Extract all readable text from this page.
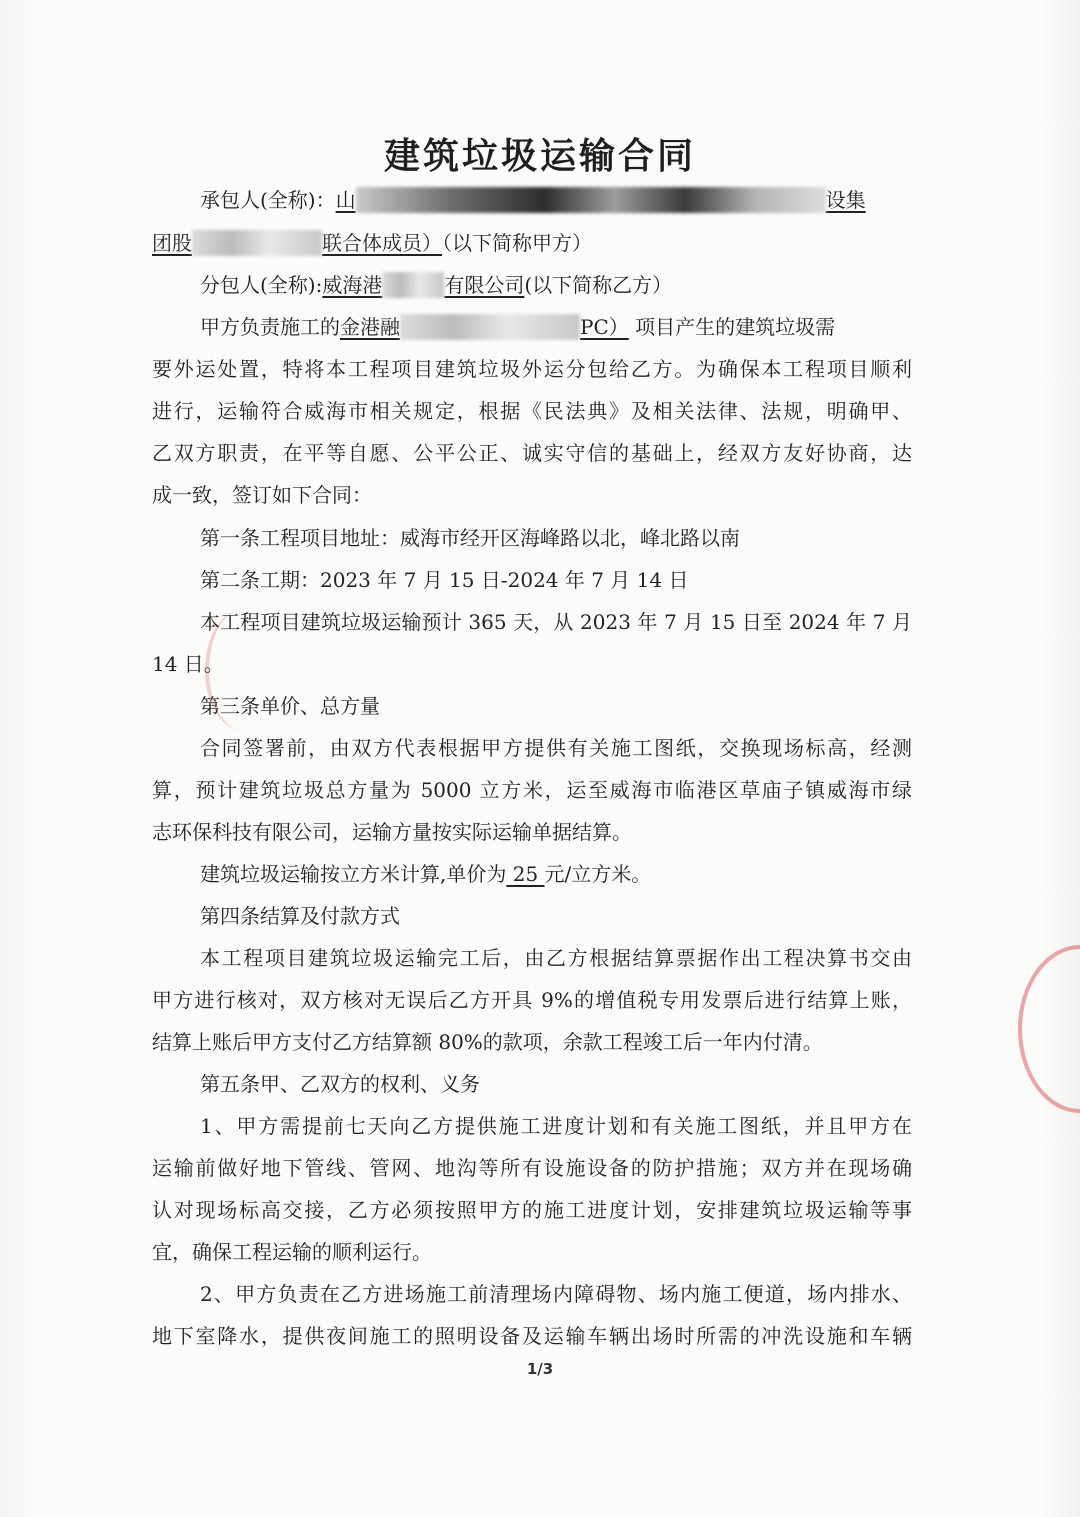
建筑垃圾运输合同
承包人(全称)：山	设集
团股	联合体成员）（以下简称甲方）
分包人(全称):威海港	有限公司(以下简称乙方）
甲方负责施工的金港融	PC） 项目产生的建筑垃圾需
要外运处置，特将本工程项目建筑垃圾外运分包给乙方。为确保本工程项目顺利
进行，运输符合威海市相关规定，根据《民法典》及相关法律、法规，明确甲、
乙双方职责，在平等自愿、公平公正、诚实守信的基础上，经双方友好协商，达
成一致，签订如下合同：
第一条工程项目地址：威海市经开区海峰路以北，峰北路以南
第二条工期：2023 年 7 月 15 日-2024 年 7 月 14 日
本工程项目建筑垃圾运输预计 365 天，从 2023 年 7 月 15 日至 2024 年 7 月
14 日。
第三条单价、总方量
合同签署前，由双方代表根据甲方提供有关施工图纸，交换现场标高，经测
算，预计建筑垃圾总方量为 5000 立方米，运至威海市临港区草庙子镇威海市绿
志环保科技有限公司，运输方量按实际运输单据结算。
建筑垃圾运输按立方米计算,单价为 25 元/立方米。
第四条结算及付款方式
本工程项目建筑垃圾运输完工后，由乙方根据结算票据作出工程决算书交由
甲方进行核对，双方核对无误后乙方开具 9%的增值税专用发票后进行结算上账，
结算上账后甲方支付乙方结算额 80%的款项，余款工程竣工后一年内付清。
第五条甲、乙双方的权利、义务
1、甲方需提前七天向乙方提供施工进度计划和有关施工图纸，并且甲方在
运输前做好地下管线、管网、地沟等所有设施设备的防护措施；双方并在现场确
认对现场标高交接，乙方必须按照甲方的施工进度计划，安排建筑垃圾运输等事
宜，确保工程运输的顺利运行。
2、甲方负责在乙方进场施工前清理场内障碍物、场内施工便道，场内排水、
地下室降水，提供夜间施工的照明设备及运输车辆出场时所需的冲洗设施和车辆
1/3
